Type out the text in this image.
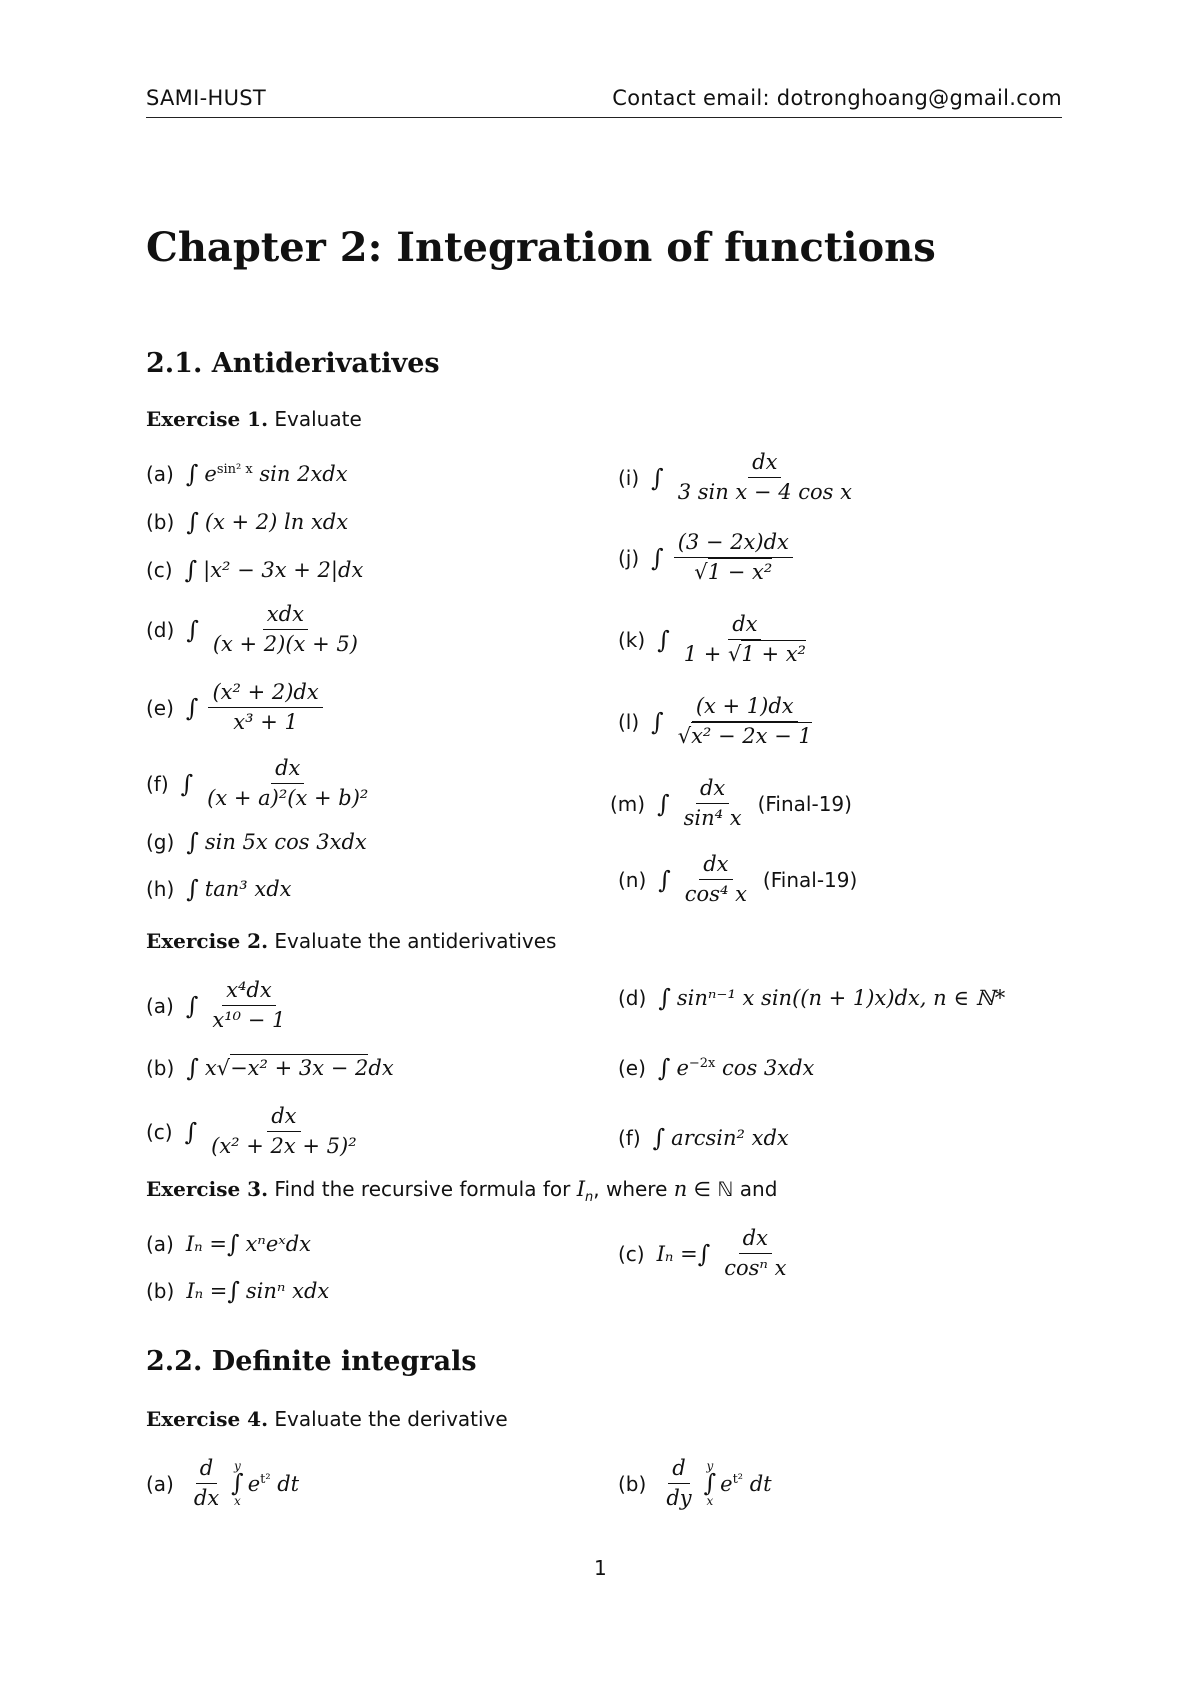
SAMI-HUST	Contact email: dotronghoang@gmail.com
Chapter 2: Integration of functions
2.1. Antiderivatives
Exercise 1. Evaluate
(a) ∫ $e^{sin^2 x}$ sin 2xdx
(b) ∫ (x + 2) ln xdx
(c) ∫ |x² − 3x + 2|dx
(d) ∫ $\frac{\text{xdx}}{(x + 2)(x + 5)}$
(e) ∫ $\frac{\text{(x² + 2)dx}}{\text{x³ + 1}}$
(f) ∫ $\frac{dx}{\text{(x + a)²(x + b)²}}$
(g) ∫ sin 5x cos 3xdx
(h) ∫ tan³ xdx
(i) ∫ $\frac{dx}{\text{3 sin x − 4 cos x}}$
(j) ∫ $\frac{(3 - 2x)dx}{\text{√1 − x²}}$
(k) ∫ $\frac{dx}{\text{1 + √1 + x²}}$
(l) ∫ $\frac{(x + 1)dx}{\text{√x² − 2x − 1}}$
(m) ∫ $\frac{dx}{\text{sin⁴ x}}$ (Final-19)
(n) ∫ $\frac{dx}{\text{cos⁴ x}}$ (Final-19)
Exercise 2. Evaluate the antiderivatives
(a) ∫ $\frac{\text{x⁴dx}}{\text{x¹⁰ − 1}}$
(b) ∫ x√−x² + 3x − 2dx
(c) ∫ $\frac{dx}{\text{(x² + 2x + 5)²}}$
(d) ∫ sinⁿ⁻¹ x sin((n + 1)x)dx, n ∈ ℕ*
(e) ∫ $e^{-2x}$ cos 3xdx
(f) ∫ arcsin² xdx
Exercise 3. Find the recursive formula for $I_n$, where n ∈ ℕ and
(a) Iₙ = ∫ xⁿeˣdx
(b) Iₙ = ∫ sinⁿ xdx
(c) Iₙ = ∫ $\frac{dx}{\text{cosⁿ x}}$
2.2. Definite integrals
Exercise 4. Evaluate the derivative
$(a) \frac{d}{dx}$ y
∫
x
$e^{t^2}$ dt	$(b) \frac{d}{dy}$ y
∫
x
$e^{t^2}$ dt
1
